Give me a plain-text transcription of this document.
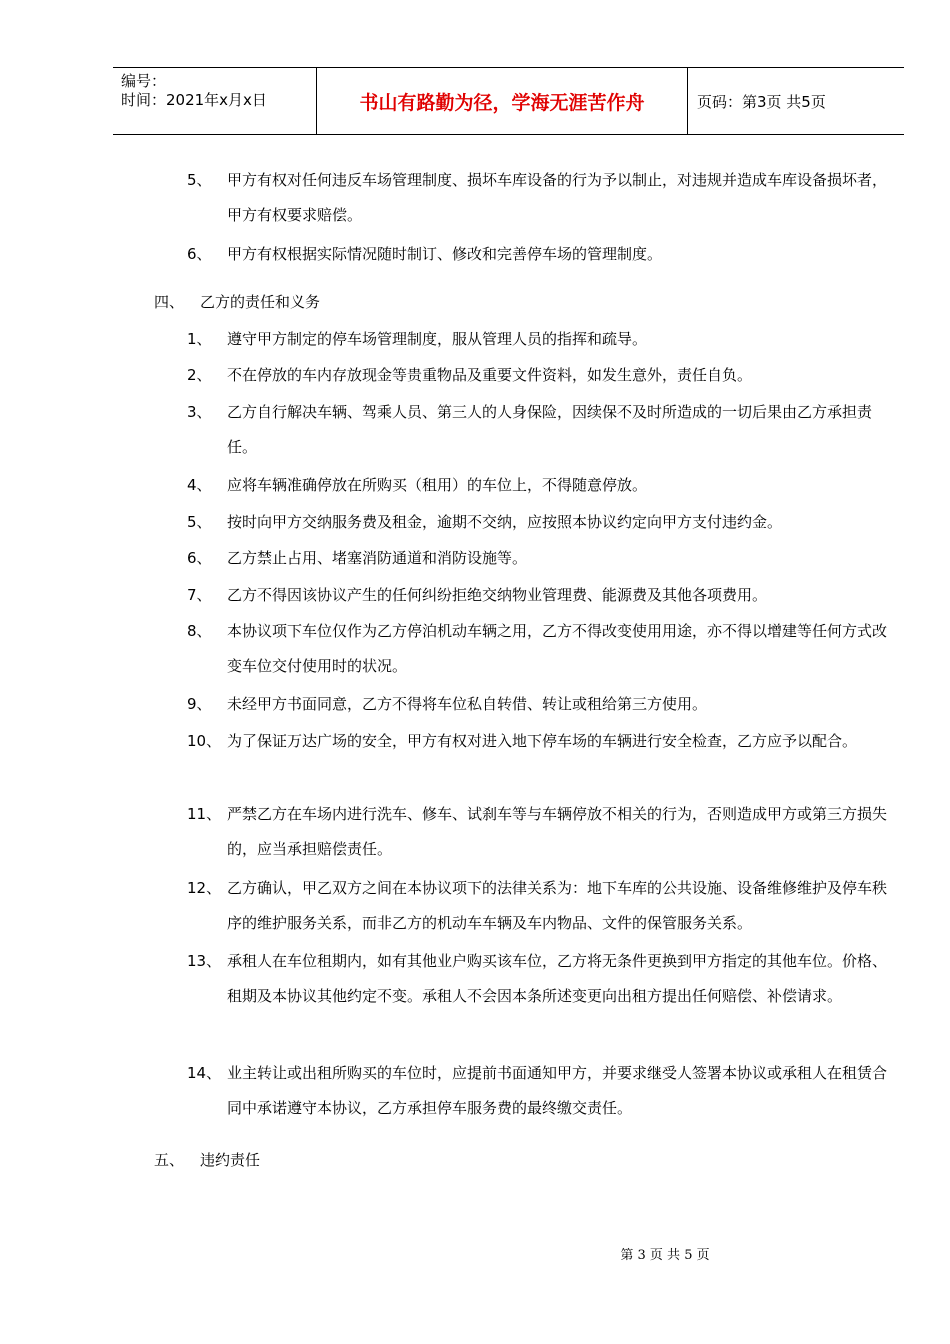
编号：
时间：2021年x月x日	书山有路勤为径，学海无涯苦作舟	页码：第3页 共5页
5、	甲方有权对任何违反车场管理制度、损坏车库设备的行为予以制止，对违规并造成车库设备损坏者，甲方有权要求赔偿。
6、	甲方有权根据实际情况随时制订、修改和完善停车场的管理制度。
四、 乙方的责任和义务
1、	遵守甲方制定的停车场管理制度，服从管理人员的指挥和疏导。
2、	不在停放的车内存放现金等贵重物品及重要文件资料，如发生意外，责任自负。
3、	乙方自行解决车辆、驾乘人员、第三人的人身保险，因续保不及时所造成的一切后果由乙方承担责任。
4、	应将车辆准确停放在所购买（租用）的车位上，不得随意停放。
5、	按时向甲方交纳服务费及租金，逾期不交纳，应按照本协议约定向甲方支付违约金。
6、	乙方禁止占用、堵塞消防通道和消防设施等。
7、	乙方不得因该协议产生的任何纠纷拒绝交纳物业管理费、能源费及其他各项费用。
8、	本协议项下车位仅作为乙方停泊机动车辆之用，乙方不得改变使用用途，亦不得以增建等任何方式改变车位交付使用时的状况。
9、	未经甲方书面同意，乙方不得将车位私自转借、转让或租给第三方使用。
10、 为了保证万达广场的安全，甲方有权对进入地下停车场的车辆进行安全检查，乙方应予以配合。
11、 严禁乙方在车场内进行洗车、修车、试刹车等与车辆停放不相关的行为，否则造成甲方或第三方损失的，应当承担赔偿责任。
12、 乙方确认，甲乙双方之间在本协议项下的法律关系为：地下车库的公共设施、设备维修维护及停车秩序的维护服务关系，而非乙方的机动车车辆及车内物品、文件的保管服务关系。
13、 承租人在车位租期内，如有其他业户购买该车位，乙方将无条件更换到甲方指定的其他车位。价格、租期及本协议其他约定不变。承租人不会因本条所述变更向出租方提出任何赔偿、补偿请求。
14、 业主转让或出租所购买的车位时，应提前书面通知甲方，并要求继受人签署本协议或承租人在租赁合同中承诺遵守本协议，乙方承担停车服务费的最终缴交责任。
五、 违约责任
第 3 页 共 5 页
